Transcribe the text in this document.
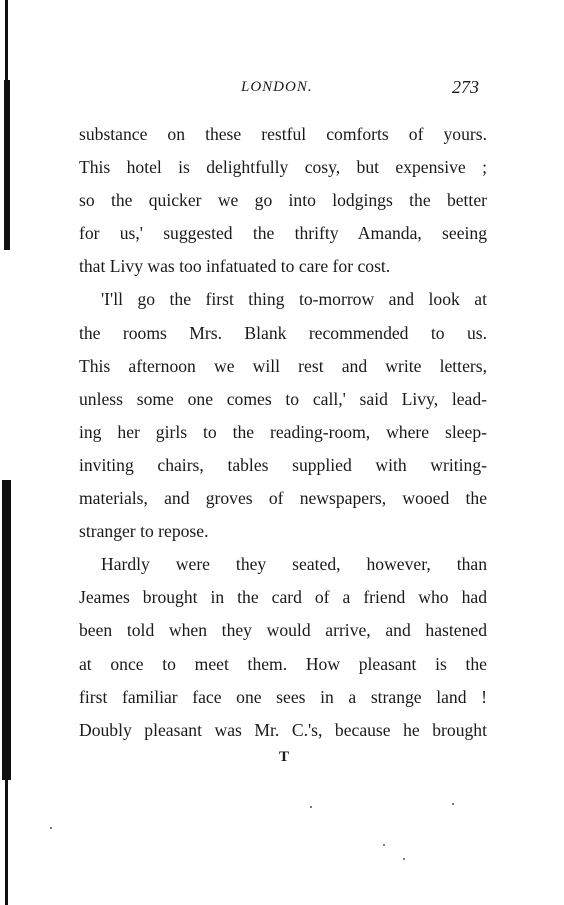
LONDON.	273
substance on these restful comforts of yours.
This hotel is delightfully cosy, but expensive ;
so the quicker we go into lodgings the better
for us,' suggested the thrifty Amanda, seeing
that Livy was too infatuated to care for cost.
'I'll go the first thing to-morrow and look at
the rooms Mrs. Blank recommended to us.
This afternoon we will rest and write letters,
unless some one comes to call,' said Livy, lead-
ing her girls to the reading-room, where sleep-
inviting chairs, tables supplied with writing-
materials, and groves of newspapers, wooed the
stranger to repose.
Hardly were they seated, however, than
Jeames brought in the card of a friend who had
been told when they would arrive, and hastened
at once to meet them. How pleasant is the
first familiar face one sees in a strange land !
Doubly pleasant was Mr. C.'s, because he brought
T
